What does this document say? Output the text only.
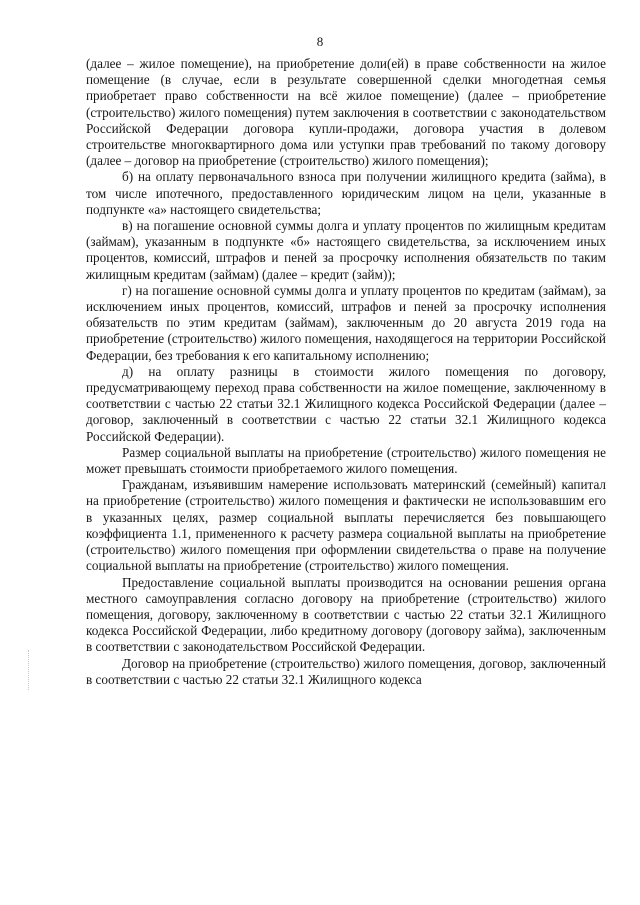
8

(далее – жилое помещение), на приобретение доли(ей) в праве собственности на жилое помещение (в случае, если в результате совершенной сделки многодетная семья приобретает право собственности на всё жилое помещение) (далее – приобретение (строительство) жилого помещения) путем заключения в соответствии с законодательством Российской Федерации договора купли-продажи, договора участия в долевом строительстве многоквартирного дома или уступки прав требований по такому договору (далее – договор на приобретение (строительство) жилого помещения);

б) на оплату первоначального взноса при получении жилищного кредита (займа), в том числе ипотечного, предоставленного юридическим лицом на цели, указанные в подпункте «а» настоящего свидетельства;

в) на погашение основной суммы долга и уплату процентов по жилищным кредитам (займам), указанным в подпункте «б» настоящего свидетельства, за исключением иных процентов, комиссий, штрафов и пеней за просрочку исполнения обязательств по таким жилищным кредитам (займам) (далее – кредит (займ));

г) на погашение основной суммы долга и уплату процентов по кредитам (займам), за исключением иных процентов, комиссий, штрафов и пеней за просрочку исполнения обязательств по этим кредитам (займам), заключенным до 20 августа 2019 года на приобретение (строительство) жилого помещения, находящегося на территории Российской Федерации, без требования к его капитальному исполнению;

д) на оплату разницы в стоимости жилого помещения по договору, предусматривающему переход права собственности на жилое помещение, заключенному в соответствии с частью 22 статьи 32.1 Жилищного кодекса Российской Федерации (далее – договор, заключенный в соответствии с частью 22 статьи 32.1 Жилищного кодекса Российской Федерации).

Размер социальной выплаты на приобретение (строительство) жилого помещения не может превышать стоимости приобретаемого жилого помещения.

Гражданам, изъявившим намерение использовать материнский (семейный) капитал на приобретение (строительство) жилого помещения и фактически не использовавшим его в указанных целях, размер социальной выплаты перечисляется без повышающего коэффициента 1.1, примененного к расчету размера социальной выплаты на приобретение (строительство) жилого помещения при оформлении свидетельства о праве на получение социальной выплаты на приобретение (строительство) жилого помещения.

Предоставление социальной выплаты производится на основании решения органа местного самоуправления согласно договору на приобретение (строительство) жилого помещения, договору, заключенному в соответствии с частью 22 статьи 32.1 Жилищного кодекса Российской Федерации, либо кредитному договору (договору займа), заключенным в соответствии с законодательством Российской Федерации.

Договор на приобретение (строительство) жилого помещения, договор, заключенный в соответствии с частью 22 статьи 32.1 Жилищного кодекса
